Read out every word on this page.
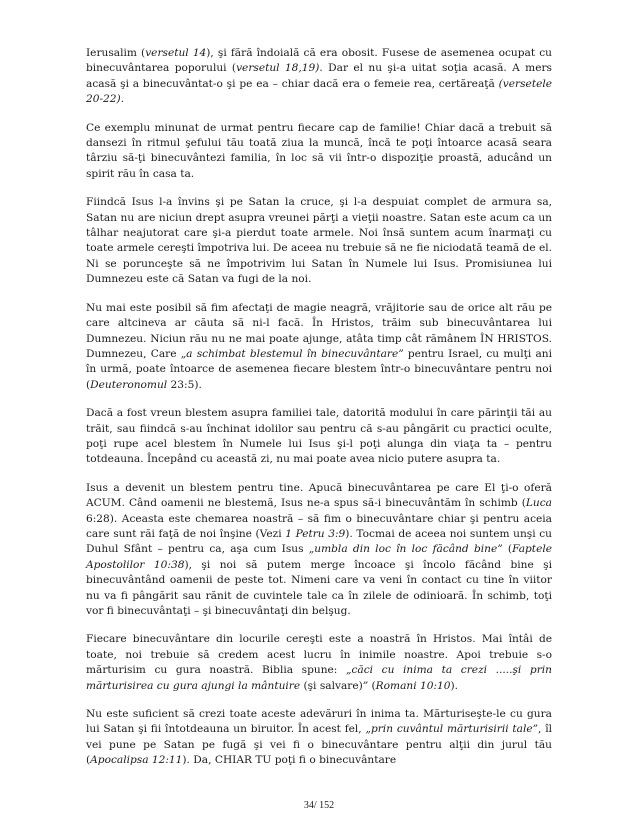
Ierusalim (versetul 14), şi fără îndoială că era obosit. Fusese de asemenea ocupat cu binecuvântarea poporului (versetul 18,19). Dar el nu şi-a uitat soţia acasă. A mers acasă şi a binecuvântat-o şi pe ea – chiar dacă era o femeie rea, certăreaţă (versetele 20-22).

Ce exemplu minunat de urmat pentru fiecare cap de familie! Chiar dacă a trebuit să dansezi în ritmul şefului tău toată ziua la muncă, încă te poţi întoarce acasă seara târziu să-ţi binecuvântezi familia, în loc să vii într-o dispoziţie proastă, aducând un spirit rău în casa ta.

Fiindcă Isus l-a învins şi pe Satan la cruce, şi l-a despuiat complet de armura sa, Satan nu are niciun drept asupra vreunei părţi a vieţii noastre. Satan este acum ca un tâlhar neajutorat care şi-a pierdut toate armele. Noi însă suntem acum înarmaţi cu toate armele cereşti împotriva lui. De aceea nu trebuie să ne fie niciodată teamă de el. Ni se porunceşte să ne împotrivim lui Satan în Numele lui Isus. Promisiunea lui Dumnezeu este că Satan va fugi de la noi.

Nu mai este posibil să fim afectaţi de magie neagră, vrăjitorie sau de orice alt rău pe care altcineva ar căuta să ni-l facă. În Hristos, trăim sub binecuvântarea lui Dumnezeu. Niciun rău nu ne mai poate ajunge, atâta timp cât rămânem ÎN HRISTOS. Dumnezeu, Care „a schimbat blestemul în binecuvântare” pentru Israel, cu mulţi ani în urmă, poate întoarce de asemenea fiecare blestem într-o binecuvântare pentru noi (Deuteronomul 23:5).

Dacă a fost vreun blestem asupra familiei tale, datorită modului în care părinţii tăi au trăit, sau fiindcă s-au închinat idolilor sau pentru că s-au pângărit cu practici oculte, poţi rupe acel blestem în Numele lui Isus şi-l poţi alunga din viaţa ta – pentru totdeauna. Începând cu această zi, nu mai poate avea nicio putere asupra ta.

Isus a devenit un blestem pentru tine. Apucă binecuvântarea pe care El ţi-o oferă ACUM. Când oamenii ne blestemă, Isus ne-a spus să-i binecuvântăm în schimb (Luca 6:28). Aceasta este chemarea noastră – să fim o binecuvântare chiar şi pentru aceia care sunt răi faţă de noi înşine (Vezi 1 Petru 3:9). Tocmai de aceea noi suntem unşi cu Duhul Sfânt – pentru ca, aşa cum Isus „umbla din loc în loc făcând bine” (Faptele Apostolilor 10:38), şi noi să putem merge încoace şi încolo făcând bine şi binecuvântând oamenii de peste tot. Nimeni care va veni în contact cu tine în viitor nu va fi pângărit sau rănit de cuvintele tale ca în zilele de odinioară. În schimb, toţi vor fi binecuvântaţi – şi binecuvântaţi din belşug.

Fiecare binecuvântare din locurile cereşti este a noastră în Hristos. Mai întâi de toate, noi trebuie să credem acest lucru în inimile noastre. Apoi trebuie s-o mărturisim cu gura noastră. Biblia spune: „căci cu inima ta crezi .....şi prin mărturisirea cu gura ajungi la mântuire (şi salvare)” (Romani 10:10).

Nu este suficient să crezi toate aceste adevăruri în inima ta. Mărturiseşte-le cu gura lui Satan şi fii întotdeauna un biruitor. În acest fel, „prin cuvântul mărturisirii tale”, îl vei pune pe Satan pe fugă şi vei fi o binecuvântare pentru alţii din jurul tău (Apocalipsa 12:11). Da, CHIAR TU poţi fi o binecuvântare

34/ 152
